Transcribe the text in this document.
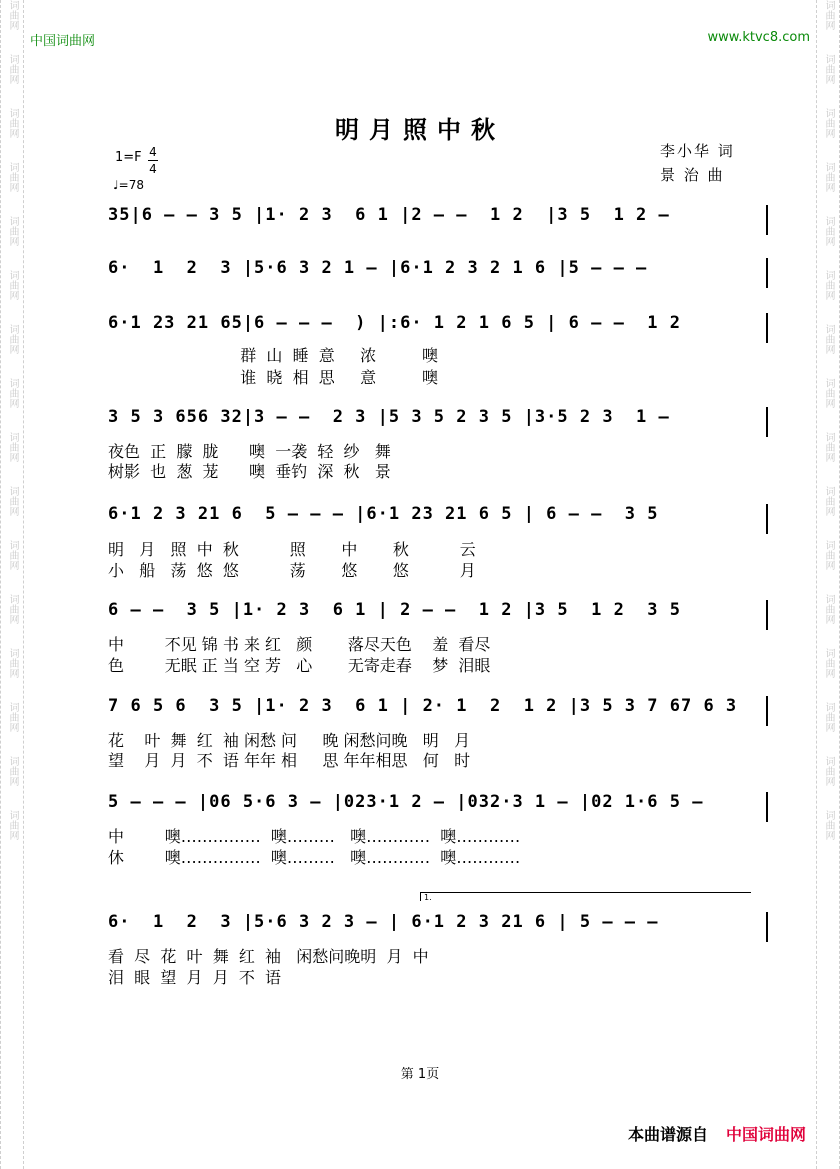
词曲网
词曲网
词曲网
词曲网
词曲网
词曲网
词曲网
词曲网
词曲网
词曲网
词曲网
词曲网
词曲网
词曲网
词曲网
词曲网
词曲网
词曲网
词曲网
词曲网
词曲网
词曲网
词曲网
词曲网
词曲网
词曲网
词曲网
词曲网
词曲网
词曲网
词曲网
词曲网
中国词曲网	www.ktvc8.com
明月照中秋
李小华 词
景 治 曲
1=F 4
4
♩=78
35|6 — — 3 5 |1· 2 3  6 1 |2 — —  1 2  |3 5  1 2 —
6·  1  2  3 |5·6 3 2 1 — |6·1 2 3 2 1 6 |5 — — —
6·1 23 21 65|6 — — —  ) |:6· 1 2 1 6 5 | 6 — —  1 2
群  山  睡  意     浓         噢
谁  晓  相  思     意         噢
3 5 3 656 32|3 — —  2 3 |5 3 5 2 3 5 |3·5 2 3  1 —
夜色  正  朦  胧      噢  一袭  轻  纱   舞
树影  也  葱  茏      噢  垂钓  深  秋   景
6·1 2 3 21 6  5 — — — |6·1 23 21 6 5 | 6 — —  3 5
明   月   照  中  秋          照       中       秋          云
小   船   荡  悠  悠          荡       悠       悠          月
6 — —  3 5 |1· 2 3  6 1 | 2 — —  1 2 |3 5  1 2  3 5
中        不见 锦 书 来 红   颜       落尽天色    羞  看尽
色        无眠 正 当 空 芳   心       无寄走春    梦  泪眼
7 6 5 6  3 5 |1· 2 3  6 1 | 2· 1  2  1 2 |3 5 3 7 67 6 3
花    叶  舞  红  袖 闲愁 问     晚 闲愁问晚   明   月
望    月  月  不  语 年年 相     思 年年相思   何   时
5 — — — |06 5·6 3 — |023·1 2 — |032·3 1 — |02 1·6 5 —
中        噢……………  噢………   噢…………  噢…………
休        噢……………  噢………   噢…………  噢…………
1.
6·  1  2  3 |5·6 3 2 3 — | 6·1 2 3 21 6 | 5 — — —
看  尽  花  叶  舞  红  袖   闲愁问晚明  月  中
泪  眼  望  月  月  不  语
第 1页
本曲谱源自 中国词曲网
